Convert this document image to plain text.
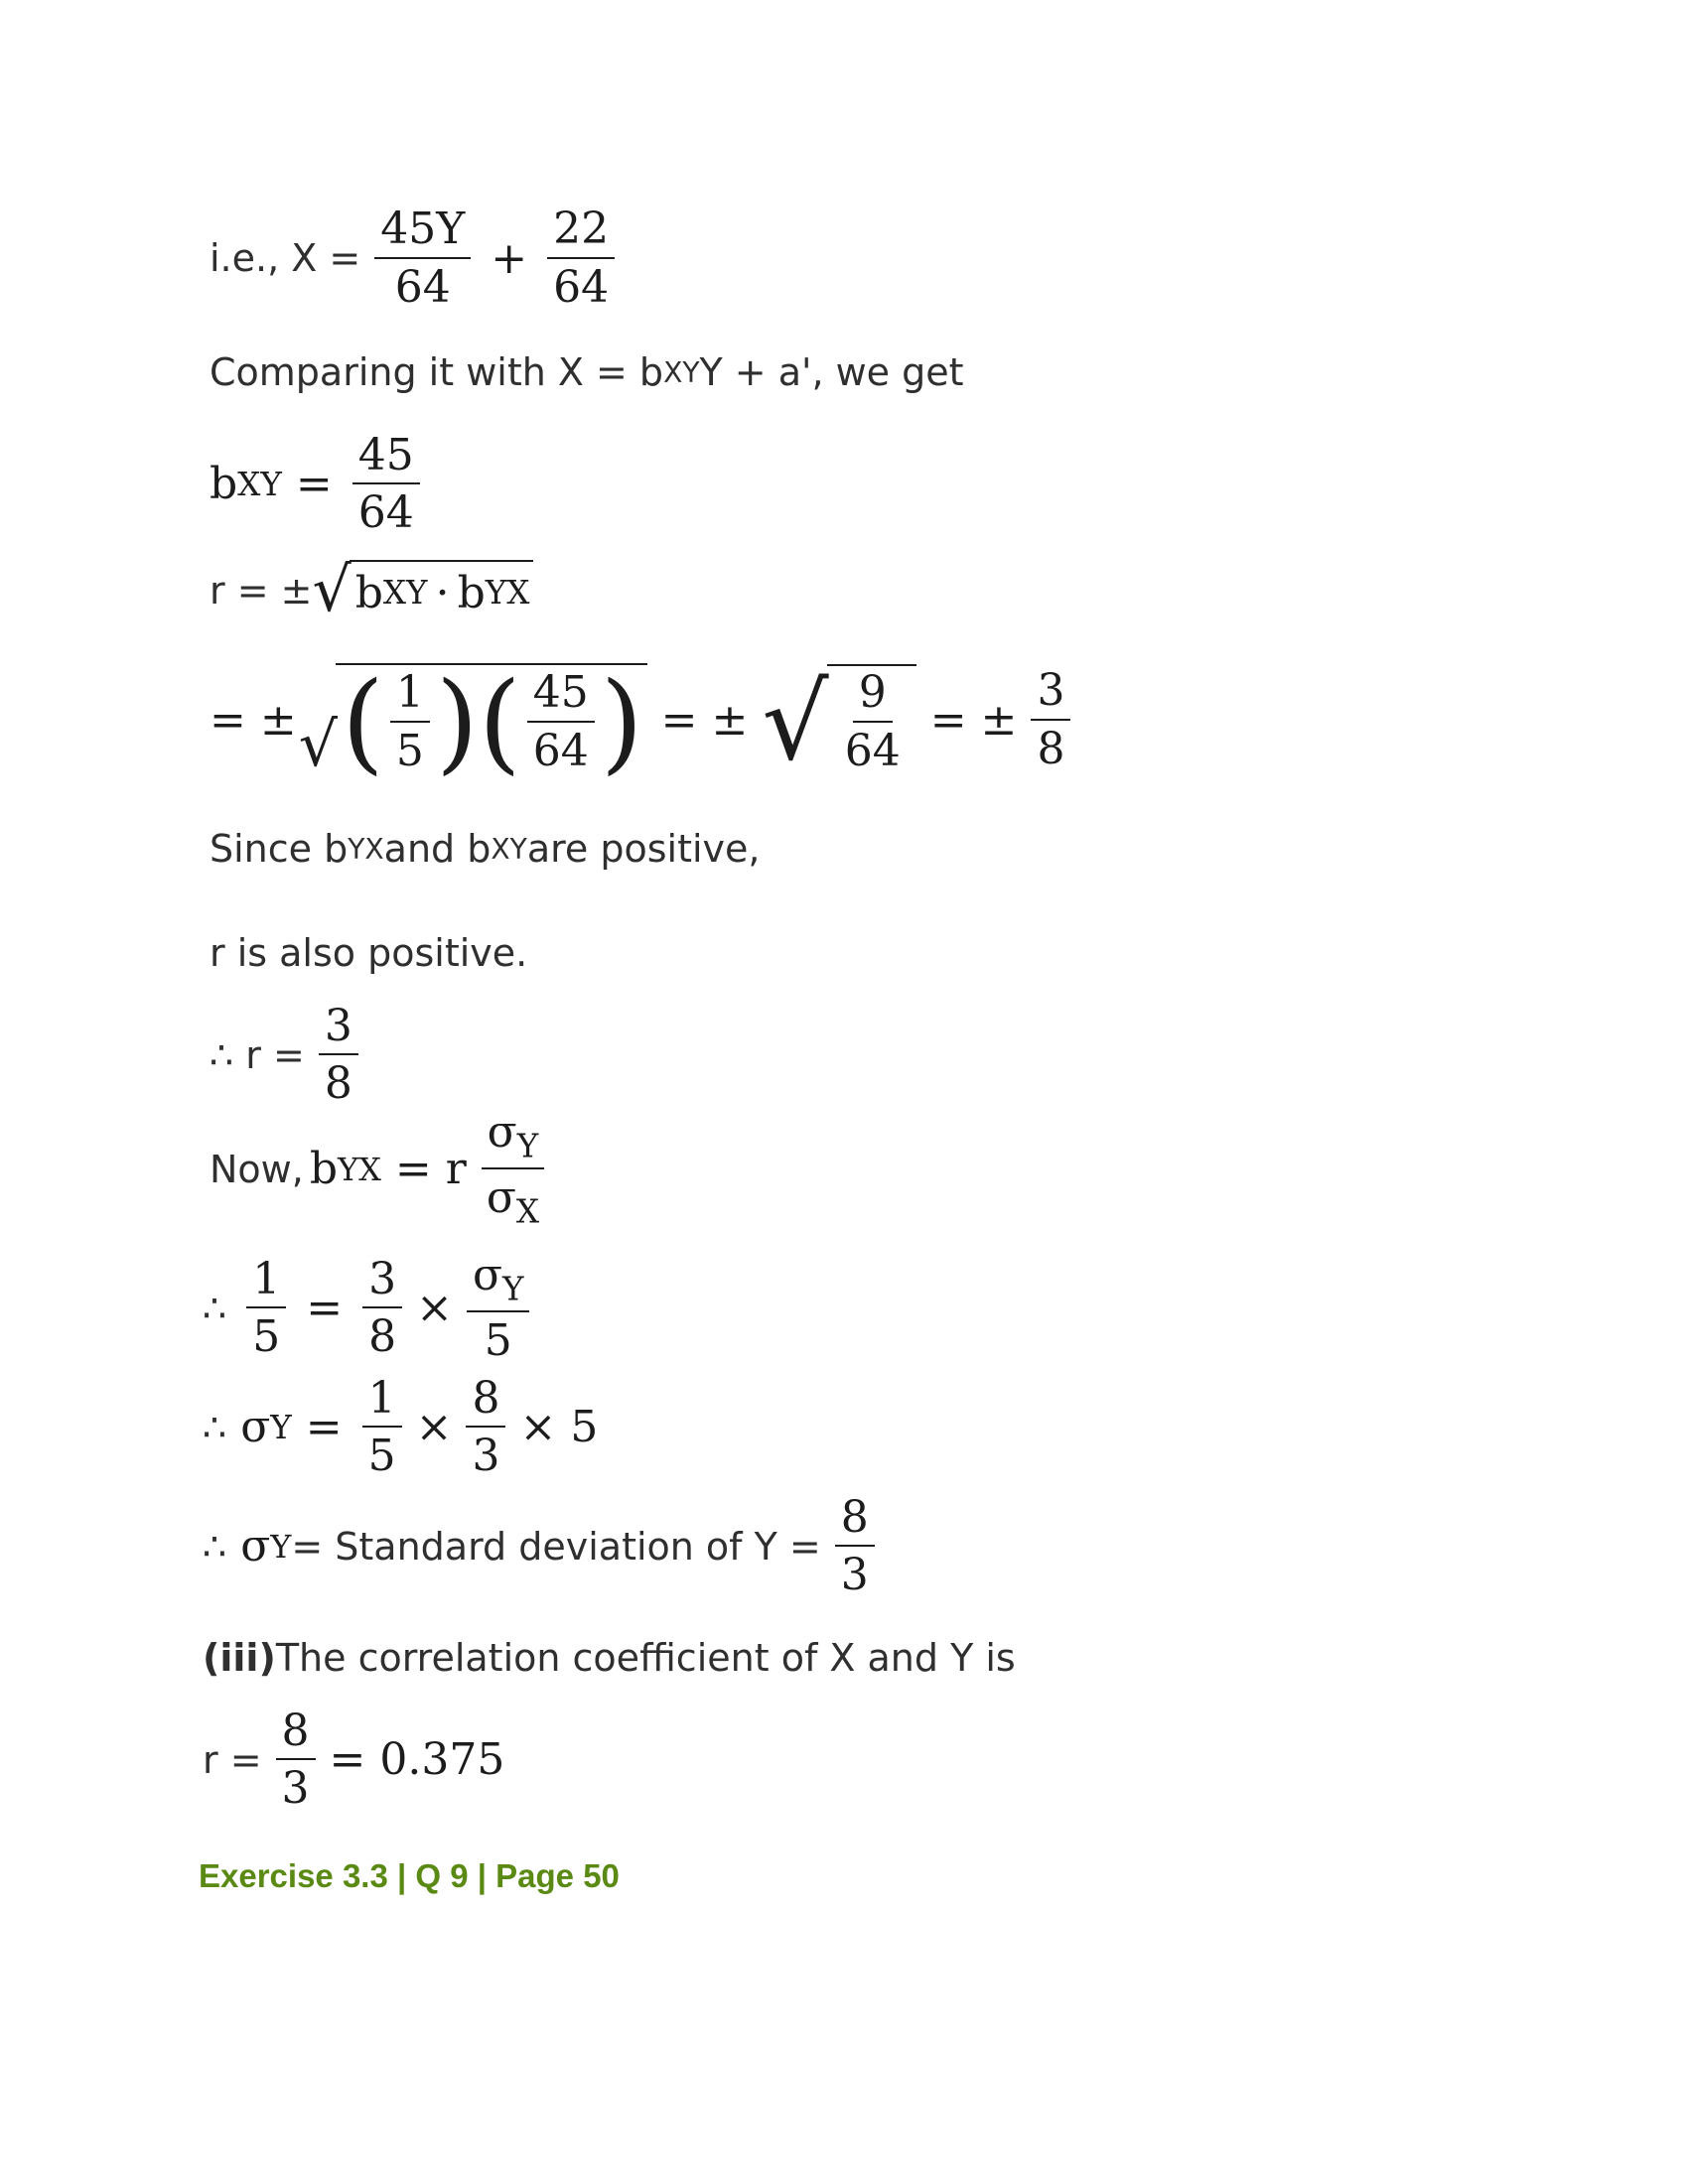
i.e., $X = \frac{45Y}{64} + \frac{22}{64}$
Comparing it with X = b XY Y + a', we get
b XY = $\frac{45}{64}$
r = ± √ b XY · b YX
= ± √ ( $\frac{1}{5}$ ) ( $\frac{45}{64}$ ) = ± √ $\frac{9}{64}$ = ± $\frac{3}{8}$
Since b YX and b XY are positive,
r is also positive.
∴ $r = \frac{3}{8}$
Now, b YX = r $\frac{\sigma_Y}{\sigma_X}$
∴ $\frac{1}{5} = \frac{3}{8} \times \frac{\sigma_Y}{5}$
∴ σ $Y = \frac{1}{5} \times \frac{8}{3} \times 5$
∴ σ Y = Standard deviation of $Y = \frac{8}{3}$
(iii) The correlation coefficient of X and Y is
$r = \frac{8}{3} = 0.375$
Exercise 3.3 | Q 9 | Page 50
